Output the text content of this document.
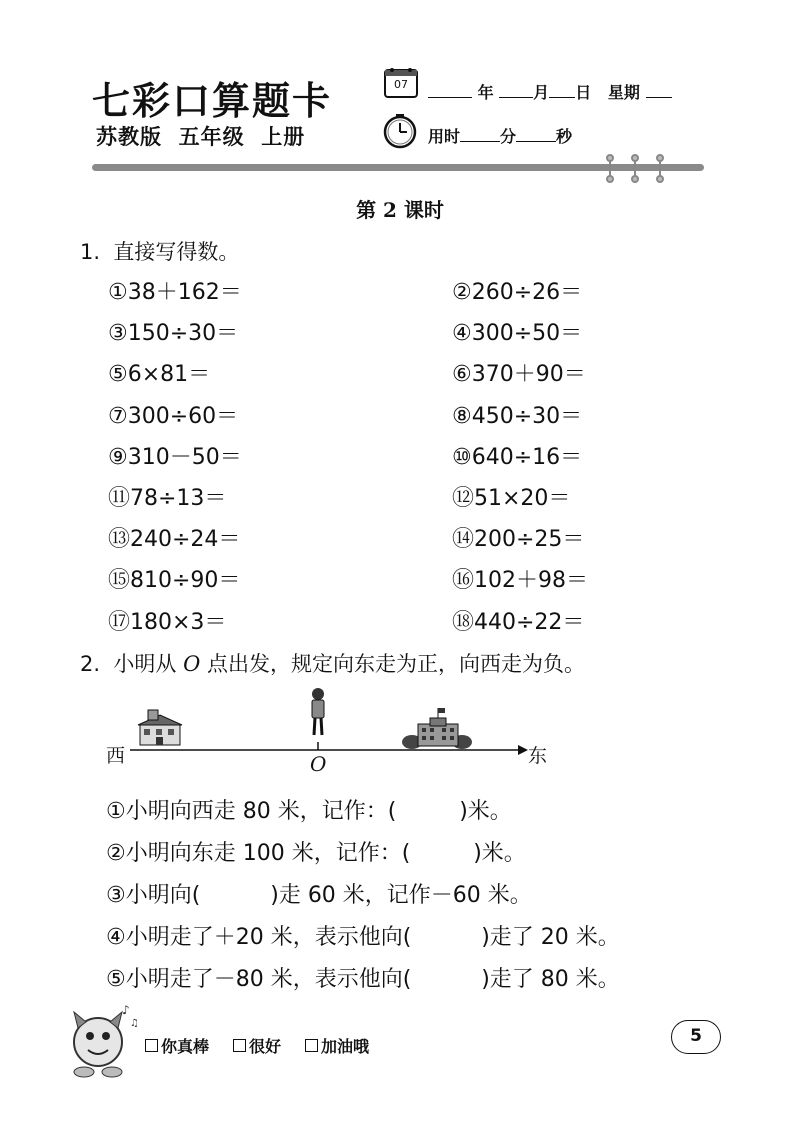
七彩口算题卡
苏教版  五年级  上册
07	年 月 日 星期
用时	分	秒
第 2 课时
1.  直接写得数。
①38＋162＝	②260÷26＝
③150÷30＝	④300÷50＝
⑤6×81＝	⑥370＋90＝
⑦300÷60＝	⑧450÷30＝
⑨310－50＝	⑩640÷16＝
⑪78÷13＝	⑫51×20＝
⑬240÷24＝	⑭200÷25＝
⑮810÷90＝	⑯102＋98＝
⑰180×3＝	⑱440÷22＝
2.  小明从 O 点出发，规定向东走为正，向西走为负。
西	东
O
①小明向西走 80 米，记作：(         )米。
②小明向东走 100 米，记作：(         )米。
③小明向(          )走 60 米，记作－60 米。
④小明走了＋20 米，表示他向(          )走了 20 米。
⑤小明走了－80 米，表示他向(          )走了 80 米。
♪
♫
你真棒 很好 加油哦
5
